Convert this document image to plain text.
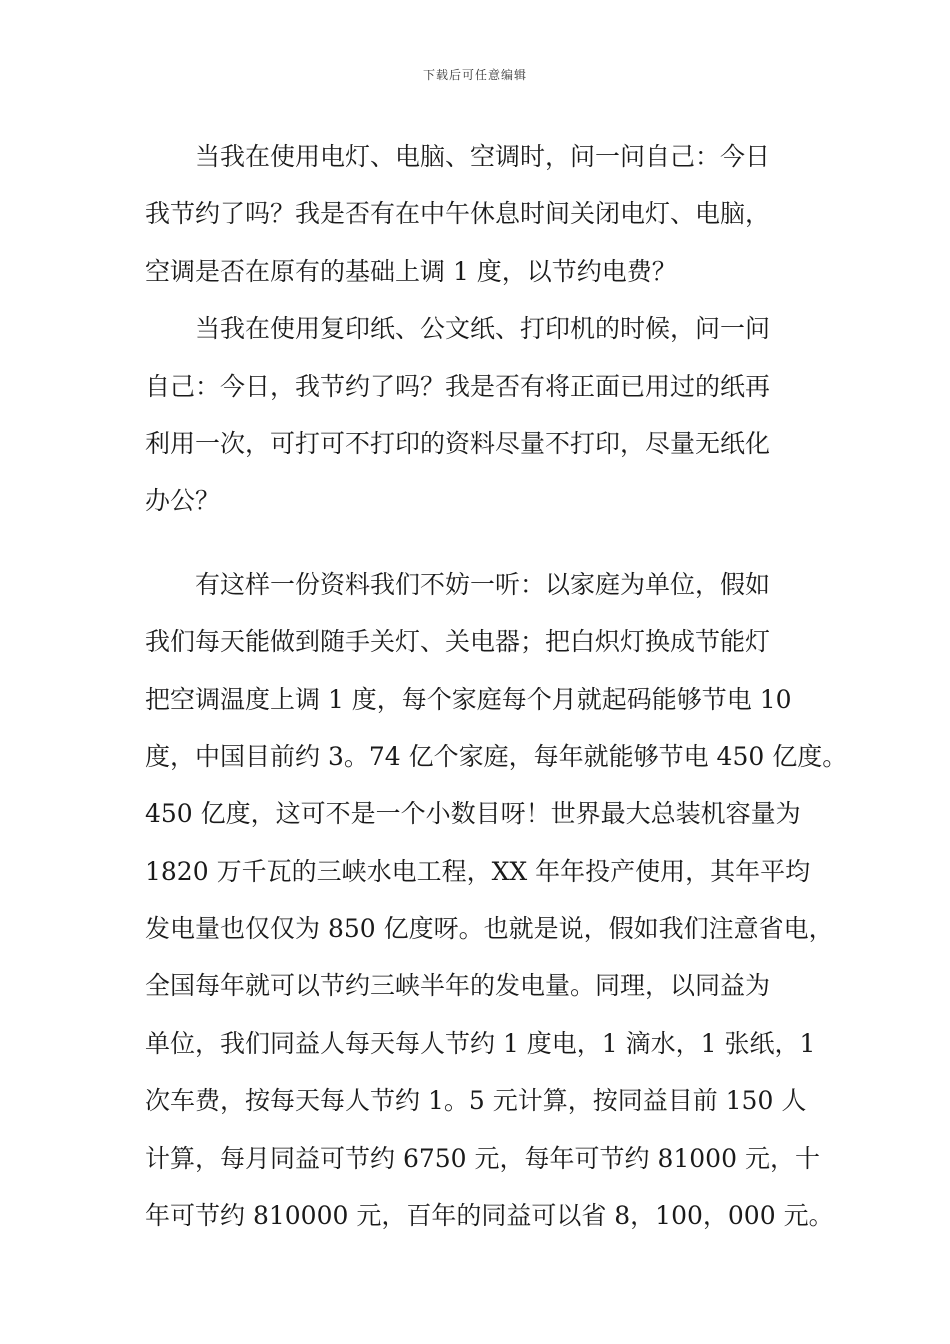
下载后可任意编辑
当我在使用电灯、电脑、空调时，问一问自己：今日
我节约了吗？我是否有在中午休息时间关闭电灯、电脑，
空调是否在原有的基础上调 1 度，以节约电费？
当我在使用复印纸、公文纸、打印机的时候，问一问
自己：今日，我节约了吗？我是否有将正面已用过的纸再
利用一次，可打可不打印的资料尽量不打印，尽量无纸化
办公？
有这样一份资料我们不妨一听：以家庭为单位，假如
我们每天能做到随手关灯、关电器；把白炽灯换成节能灯
把空调温度上调 1 度，每个家庭每个月就起码能够节电 10
度，中国目前约 3。74 亿个家庭，每年就能够节电 450 亿度。
450 亿度，这可不是一个小数目呀！世界最大总装机容量为
1820 万千瓦的三峡水电工程，XX 年年投产使用，其年平均
发电量也仅仅为 850 亿度呀。也就是说，假如我们注意省电，
全国每年就可以节约三峡半年的发电量。同理，以同益为
单位，我们同益人每天每人节约 1 度电，1 滴水，1 张纸，1
次车费，按每天每人节约 1。5 元计算，按同益目前 150 人
计算，每月同益可节约 6750 元，每年可节约 81000 元，十
年可节约 810000 元，百年的同益可以省 8，100，000 元。
